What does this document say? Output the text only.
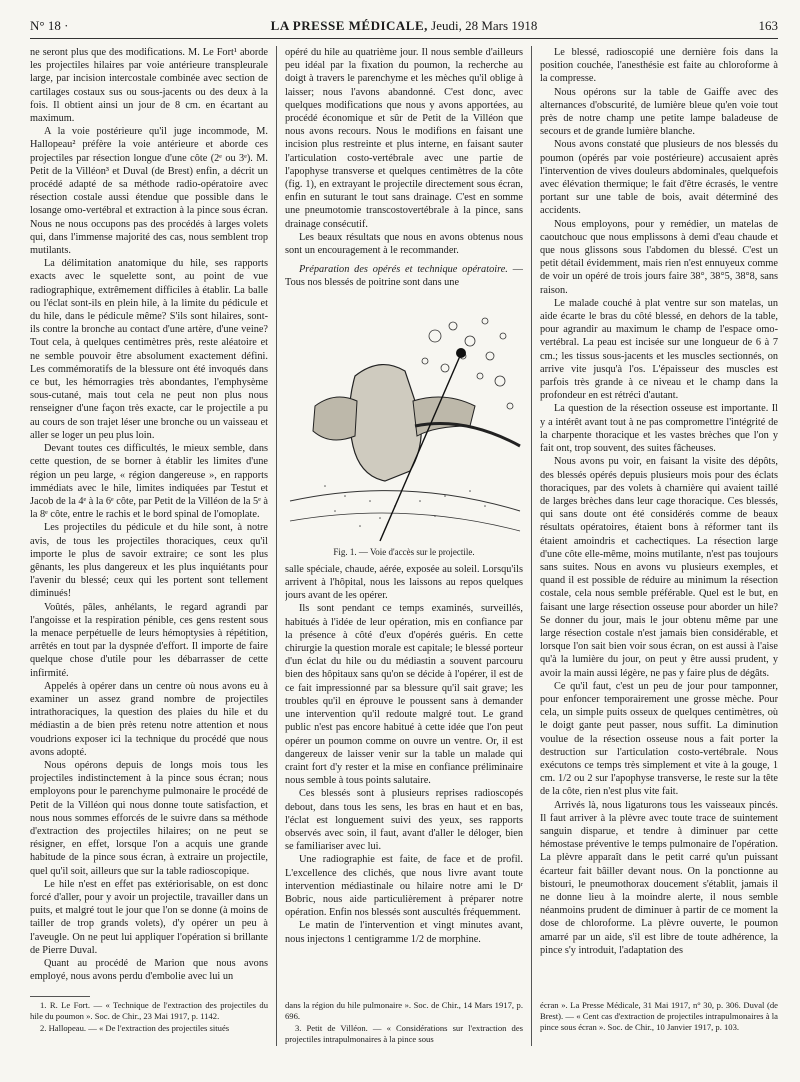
N° 18 ·	LA PRESSE MÉDICALE, Jeudi, 28 Mars 1918	163

ne seront plus que des modifications. M. Le Fort¹ aborde les projectiles hilaires par voie antérieure transpleurale large, par incision intercostale combinée avec section de cartilages costaux sus ou sous-jacents ou des deux à la fois. Il obtient ainsi un jour de 8 cm. en écartant au maximum.

A la voie postérieure qu'il juge incommode, M. Hallopeau² préfère la voie antérieure et aborde ces projectiles par résection longue d'une côte (2ᵉ ou 3ᵉ). M. Petit de la Villéon³ et Duval (de Brest) enfin, a décrit un procédé adapté de sa méthode radio-opératoire avec résection costale aussi étendue que possible dans le losange omo-vertébral et extraction à la pince sous écran. Nous ne nous occupons pas des procédés à larges volets qui, dans l'immense majorité des cas, nous semblent trop mutilants.

La délimitation anatomique du hile, ses rapports exacts avec le squelette sont, au point de vue radiographique, extrêmement difficiles à établir. La balle ou l'éclat sont-ils en plein hile, à la limite du pédicule et du hile, dans le pédicule même? S'ils sont hilaires, sont-ils contre la bronche au contact d'une artère, d'une veine? Tout cela, à quelques centimètres près, reste aléatoire et ne semble pouvoir être absolument exactement défini. Les commémoratifs de la blessure ont été invoqués dans ce but, les hémorragies très abondantes, l'emphysème sous-cutané, mais tout cela ne peut non plus nous renseigner d'une façon très exacte, car le projectile a pu au cours de son trajet léser une bronche ou un vaisseau et aller se loger un peu plus loin.

Devant toutes ces difficultés, le mieux semble, dans cette question, de se borner à établir les limites d'une région un peu large, « région dangereuse », en rapports immédiats avec le hile, limites indiquées par Testut et Jacob de la 4ᵉ à la 6ᵉ côte, par Petit de la Villéon de la 5ᵉ à la 8ᵉ côte, entre le rachis et le bord spinal de l'omoplate.

Les projectiles du pédicule et du hile sont, à notre avis, de tous les projectiles thoraciques, ceux qu'il importe le plus de savoir extraire; ce sont les plus gênants, les plus dangereux et les plus inquiétants pour l'avenir du blessé; ceux qui les portent sont tellement diminués!

Voûtés, pâles, anhélants, le regard agrandi par l'angoisse et la respiration pénible, ces gens restent sous la menace perpétuelle de leurs hémoptysies à répétition, arrêtés en tout par la dyspnée d'effort. Il importe de faire quelque chose d'utile pour les débarrasser de cette infirmité.

Appelés à opérer dans un centre où nous avons eu à examiner un assez grand nombre de projectiles intrathoraciques, la question des plaies du hile et du médiastin a de bien près retenu notre attention et nous voudrions exposer ici la technique du procédé que nous avons adopté.

Nous opérons depuis de longs mois tous les projectiles indistinctement à la pince sous écran; nous employons pour le parenchyme pulmonaire le procédé de Petit de la Villéon qui nous donne toute satisfaction, et nous nous sommes efforcés de le suivre dans sa méthode d'extraction des projectiles hilaires; on ne peut se résigner, en effet, lorsque l'on a acquis une grande habitude de la pince sous écran, à extraire un projectile, quel qu'il soit, ailleurs que sur la table radioscopique.

Le hile n'est en effet pas extériorisable, on est donc forcé d'aller, pour y avoir un projectile, travailler dans un puits, et malgré tout le jour que l'on se donne (à moins de tailler de trop grands volets), d'y opérer un peu à l'aveugle. On ne peut lui appliquer l'opération si brillante de Pierre Duval.

Quant au procédé de Marion que nous avons employé, nous avons perdu d'embolie avec lui un

opéré du hile au quatrième jour. Il nous semble d'ailleurs peu idéal par la fixation du poumon, la recherche au doigt à travers le parenchyme et les mèches qu'il oblige à laisser; nous l'avons abandonné. C'est donc, avec quelques modifications que nous y avons apportées, au procédé économique et sûr de Petit de la Villéon que nous avons recours. Nous le modifions en faisant une incision plus restreinte et plus interne, en faisant sauter l'articulation costo-vertébrale avec une partie de l'apophyse transverse et quelques centimètres de la côte (fig. 1), en extrayant le projectile directement sous écran, enfin en suturant le tout sans drainage. C'est en somme une pneumotomie transcostovertébrale à la pince, sans drainage consécutif.

Les beaux résultats que nous en avons obtenus nous sont un encouragement à le recommander.

Préparation des opérés et technique opératoire. — Tous nos blessés de poitrine sont dans une

Fig. 1. — Voie d'accès sur le projectile.

salle spéciale, chaude, aérée, exposée au soleil. Lorsqu'ils arrivent à l'hôpital, nous les laissons au repos quelques jours avant de les opérer.

Ils sont pendant ce temps examinés, surveillés, habitués à l'idée de leur opération, mis en confiance par la présence à côté d'eux d'opérés guéris. En cette chirurgie la question morale est capitale; le blessé porteur d'un éclat du hile ou du médiastin a souvent parcouru bien des hôpitaux sans qu'on se décide à l'opérer, il est de ce fait impressionné par sa blessure qu'il sait grave; les troubles qu'il en éprouve le poussent sans à demander une intervention qu'il redoute malgré tout. Le grand public n'est pas encore habitué à cette idée que l'on peut opérer un poumon comme on ouvre un ventre. Or, il est dangereux de laisser venir sur la table un malade qui craint fort d'y rester et la mise en confiance préliminaire nous semble à tous points salutaire.

Ces blessés sont à plusieurs reprises radioscopés debout, dans tous les sens, les bras en haut et en bas, l'éclat est longuement suivi des yeux, ses rapports observés avec soin, il faut, avant d'aller le déloger, bien se familiariser avec lui.

Une radiographie est faite, de face et de profil. L'excellence des clichés, que nous livre avant toute intervention médiastinale ou hilaire notre ami le Dʳ Bobric, nous aide particulièrement à préparer notre opération. Enfin nos blessés sont auscultés fréquemment.

Le matin de l'intervention et vingt minutes avant, nous injectons 1 centigramme 1/2 de morphine.

Le blessé, radioscopié une dernière fois dans la position couchée, l'anesthésie est faite au chloroforme à la compresse.

Nous opérons sur la table de Gaiffe avec des alternances d'obscurité, de lumière bleue qu'en voie tout près de notre champ une petite lampe baladeuse de secours et de grande lumière blanche.

Nous avons constaté que plusieurs de nos blessés du poumon (opérés par voie postérieure) accusaient après l'intervention de vives douleurs abdominales, quelquefois avec élévation thermique; le fait d'être écrasés, le ventre portant sur une table de bois, avait déterminé des accidents.

Nous employons, pour y remédier, un matelas de caoutchouc que nous emplissons à demi d'eau chaude et que nous glissons sous l'abdomen du blessé. C'est un petit détail évidemment, mais rien n'est ennuyeux comme de voir un opéré de trois jours faire 38°, 38°5, 38°8, sans raison.

Le malade couché à plat ventre sur son matelas, un aide écarte le bras du côté blessé, en dehors de la table, pour agrandir au maximum le champ de l'espace omo-vertébral. La peau est incisée sur une longueur de 6 à 7 cm.; les tissus sous-jacents et les muscles sectionnés, on arrive vite jusqu'à l'os. L'épaisseur des muscles est parfois très grande à ce niveau et le champ dans la profondeur en est rétréci d'autant.

La question de la résection osseuse est importante. Il y a intérêt avant tout à ne pas compromettre l'intégrité de la charpente thoracique et les vastes brèches que l'on y fait ont, trop souvent, des suites fâcheuses.

Nous avons pu voir, en faisant la visite des dépôts, des blessés opérés depuis plusieurs mois pour des éclats thoraciques, par des volets à charnière qui avaient taillé de larges brèches dans leur cage thoracique. Ces blessés, qui sans doute ont été considérés comme de beaux résultats opératoires, étaient bons à réformer tant ils étaient amoindris et cachectiques. La résection large d'une côte elle-même, moins mutilante, n'est pas toujours sans suites. Nous en avons vu plusieurs exemples, et quand il est possible de réduire au minimum la résection costale, cela nous semble préférable. Quel est le but, en faisant une large résection osseuse pour aborder un hile? Se donner du jour, mais le jour obtenu même par une large résection costale n'est jamais bien considérable, et lorsque l'on sait bien voir sous écran, on est aussi à l'aise qu'à la lumière du jour, on peut y être aussi prudent, y avoir la main aussi légère, ne pas y faire plus de dégâts.

Ce qu'il faut, c'est un peu de jour pour tamponner, pour enfoncer temporairement une grosse mèche. Pour cela, un simple puits osseux de quelques centimètres, où le doigt gante peut passer, nous suffit. La diminution voulue de la résection osseuse nous a fait porter la destruction sur l'articulation costo-vertébrale. Nous exécutons ce temps très simplement et vite à la gouge, 1 cm. 1/2 ou 2 sur l'apophyse transverse, le reste sur la tête de la côte, rien n'est plus vite fait.

Arrivés là, nous ligaturons tous les vaisseaux pincés. Il faut arriver à la plèvre avec toute trace de suintement sanguin disparue, et tendre à diminuer par cette hémostase préventive le temps pulmonaire de l'opération. La plèvre apparaît dans le petit carré qu'un puissant écarteur fait bâiller devant nous. On la ponctionne au bistouri, le pneumothorax doucement s'établit, jamais il ne donne lieu à la moindre alerte, il nous semble néanmoins prudent de diminuer à partir de ce moment la dose de chloroforme. La plèvre ouverte, le poumon amarré par un aide, s'il est libre de toute adhérence, la pince s'y introduit, l'adaptation des

1. R. Le Fort. — « Technique de l'extraction des projectiles du hile du poumon ». Soc. de Chir., 23 Mai 1917, p. 1142.

2. Hallopeau. — « De l'extraction des projectiles situés

dans la région du hile pulmonaire ». Soc. de Chir., 14 Mars 1917, p. 696.

3. Petit de Villéon. — « Considérations sur l'extraction des projectiles intrapulmonaires à la pince sous

écran ». La Presse Médicale, 31 Mai 1917, n° 30, p. 306. Duval (de Brest). — « Cent cas d'extraction de projectiles intrapulmonaires à la pince sous écran ». Soc. de Chir., 10 Janvier 1917, p. 103.
